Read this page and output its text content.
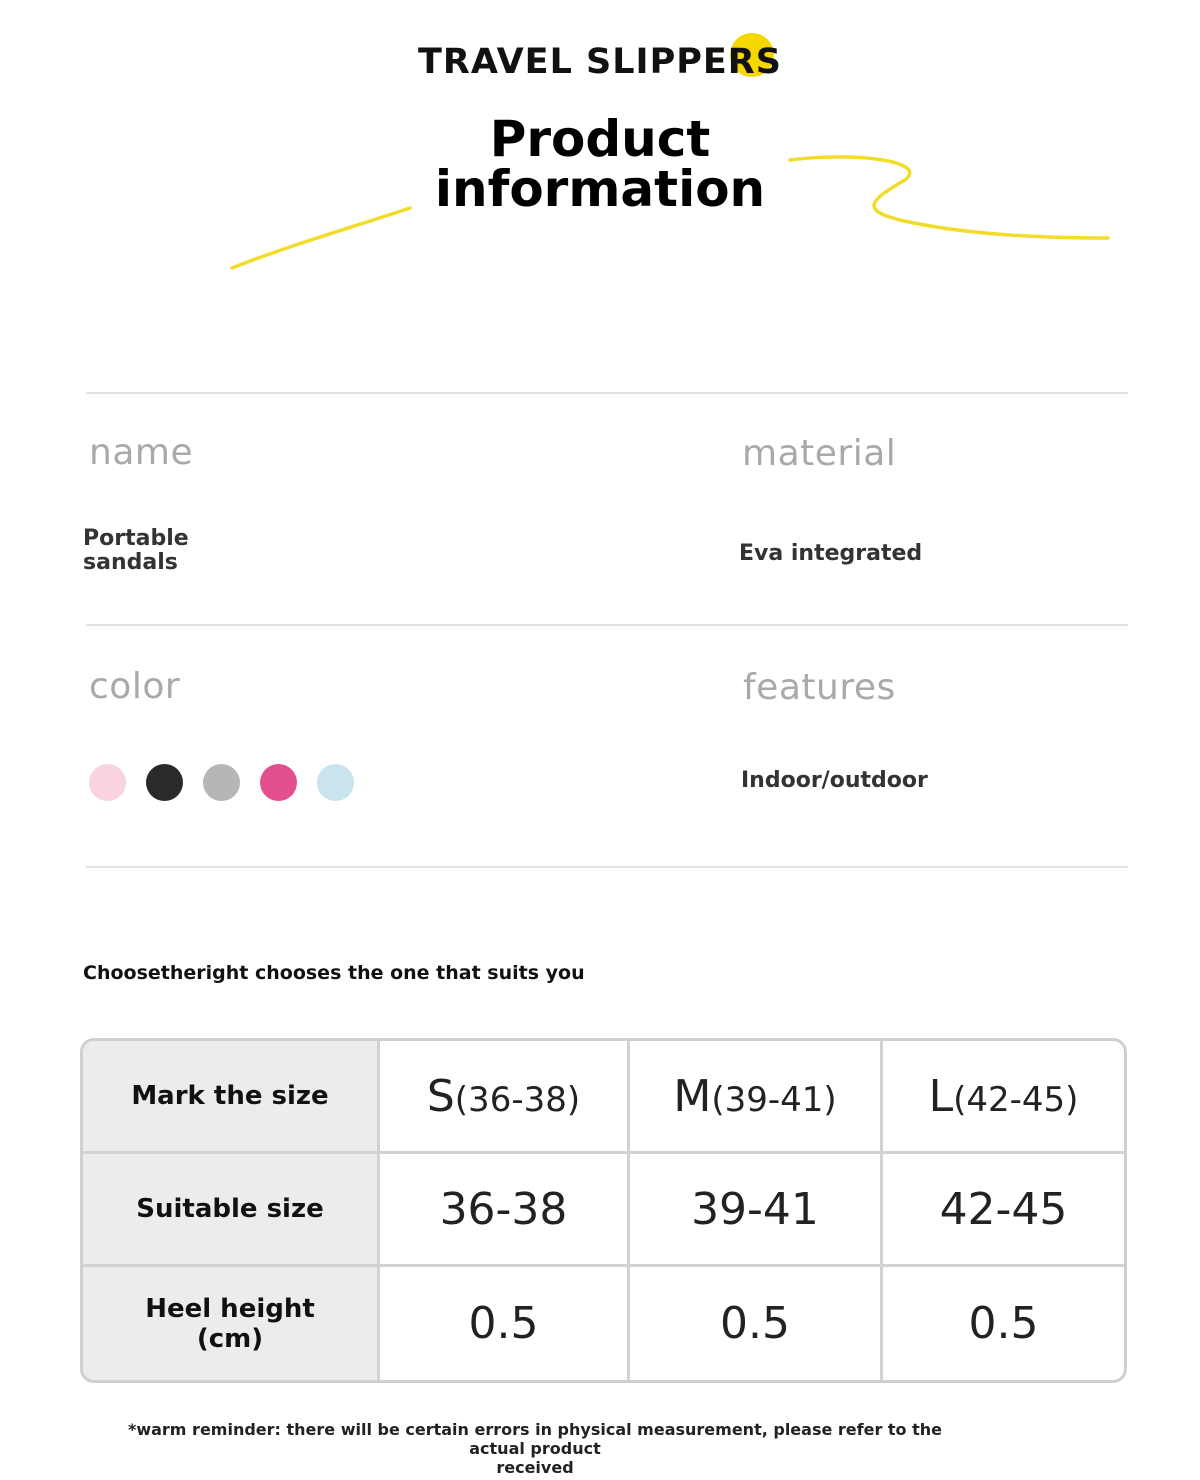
TRAVEL SLIPPERS
Product
information
name	material
Portable
sandals	Eva integrated
color	features
Indoor/outdoor
Choosetheright chooses the one that suits you
Mark the size	S(36-38)	M(39-41)	L(42-45)
Suitable size	36-38	39-41	42-45

Heel height
(cm)	0.5	0.5	0.5
*warm reminder: there will be certain errors in physical measurement, please refer to the actual product
received
